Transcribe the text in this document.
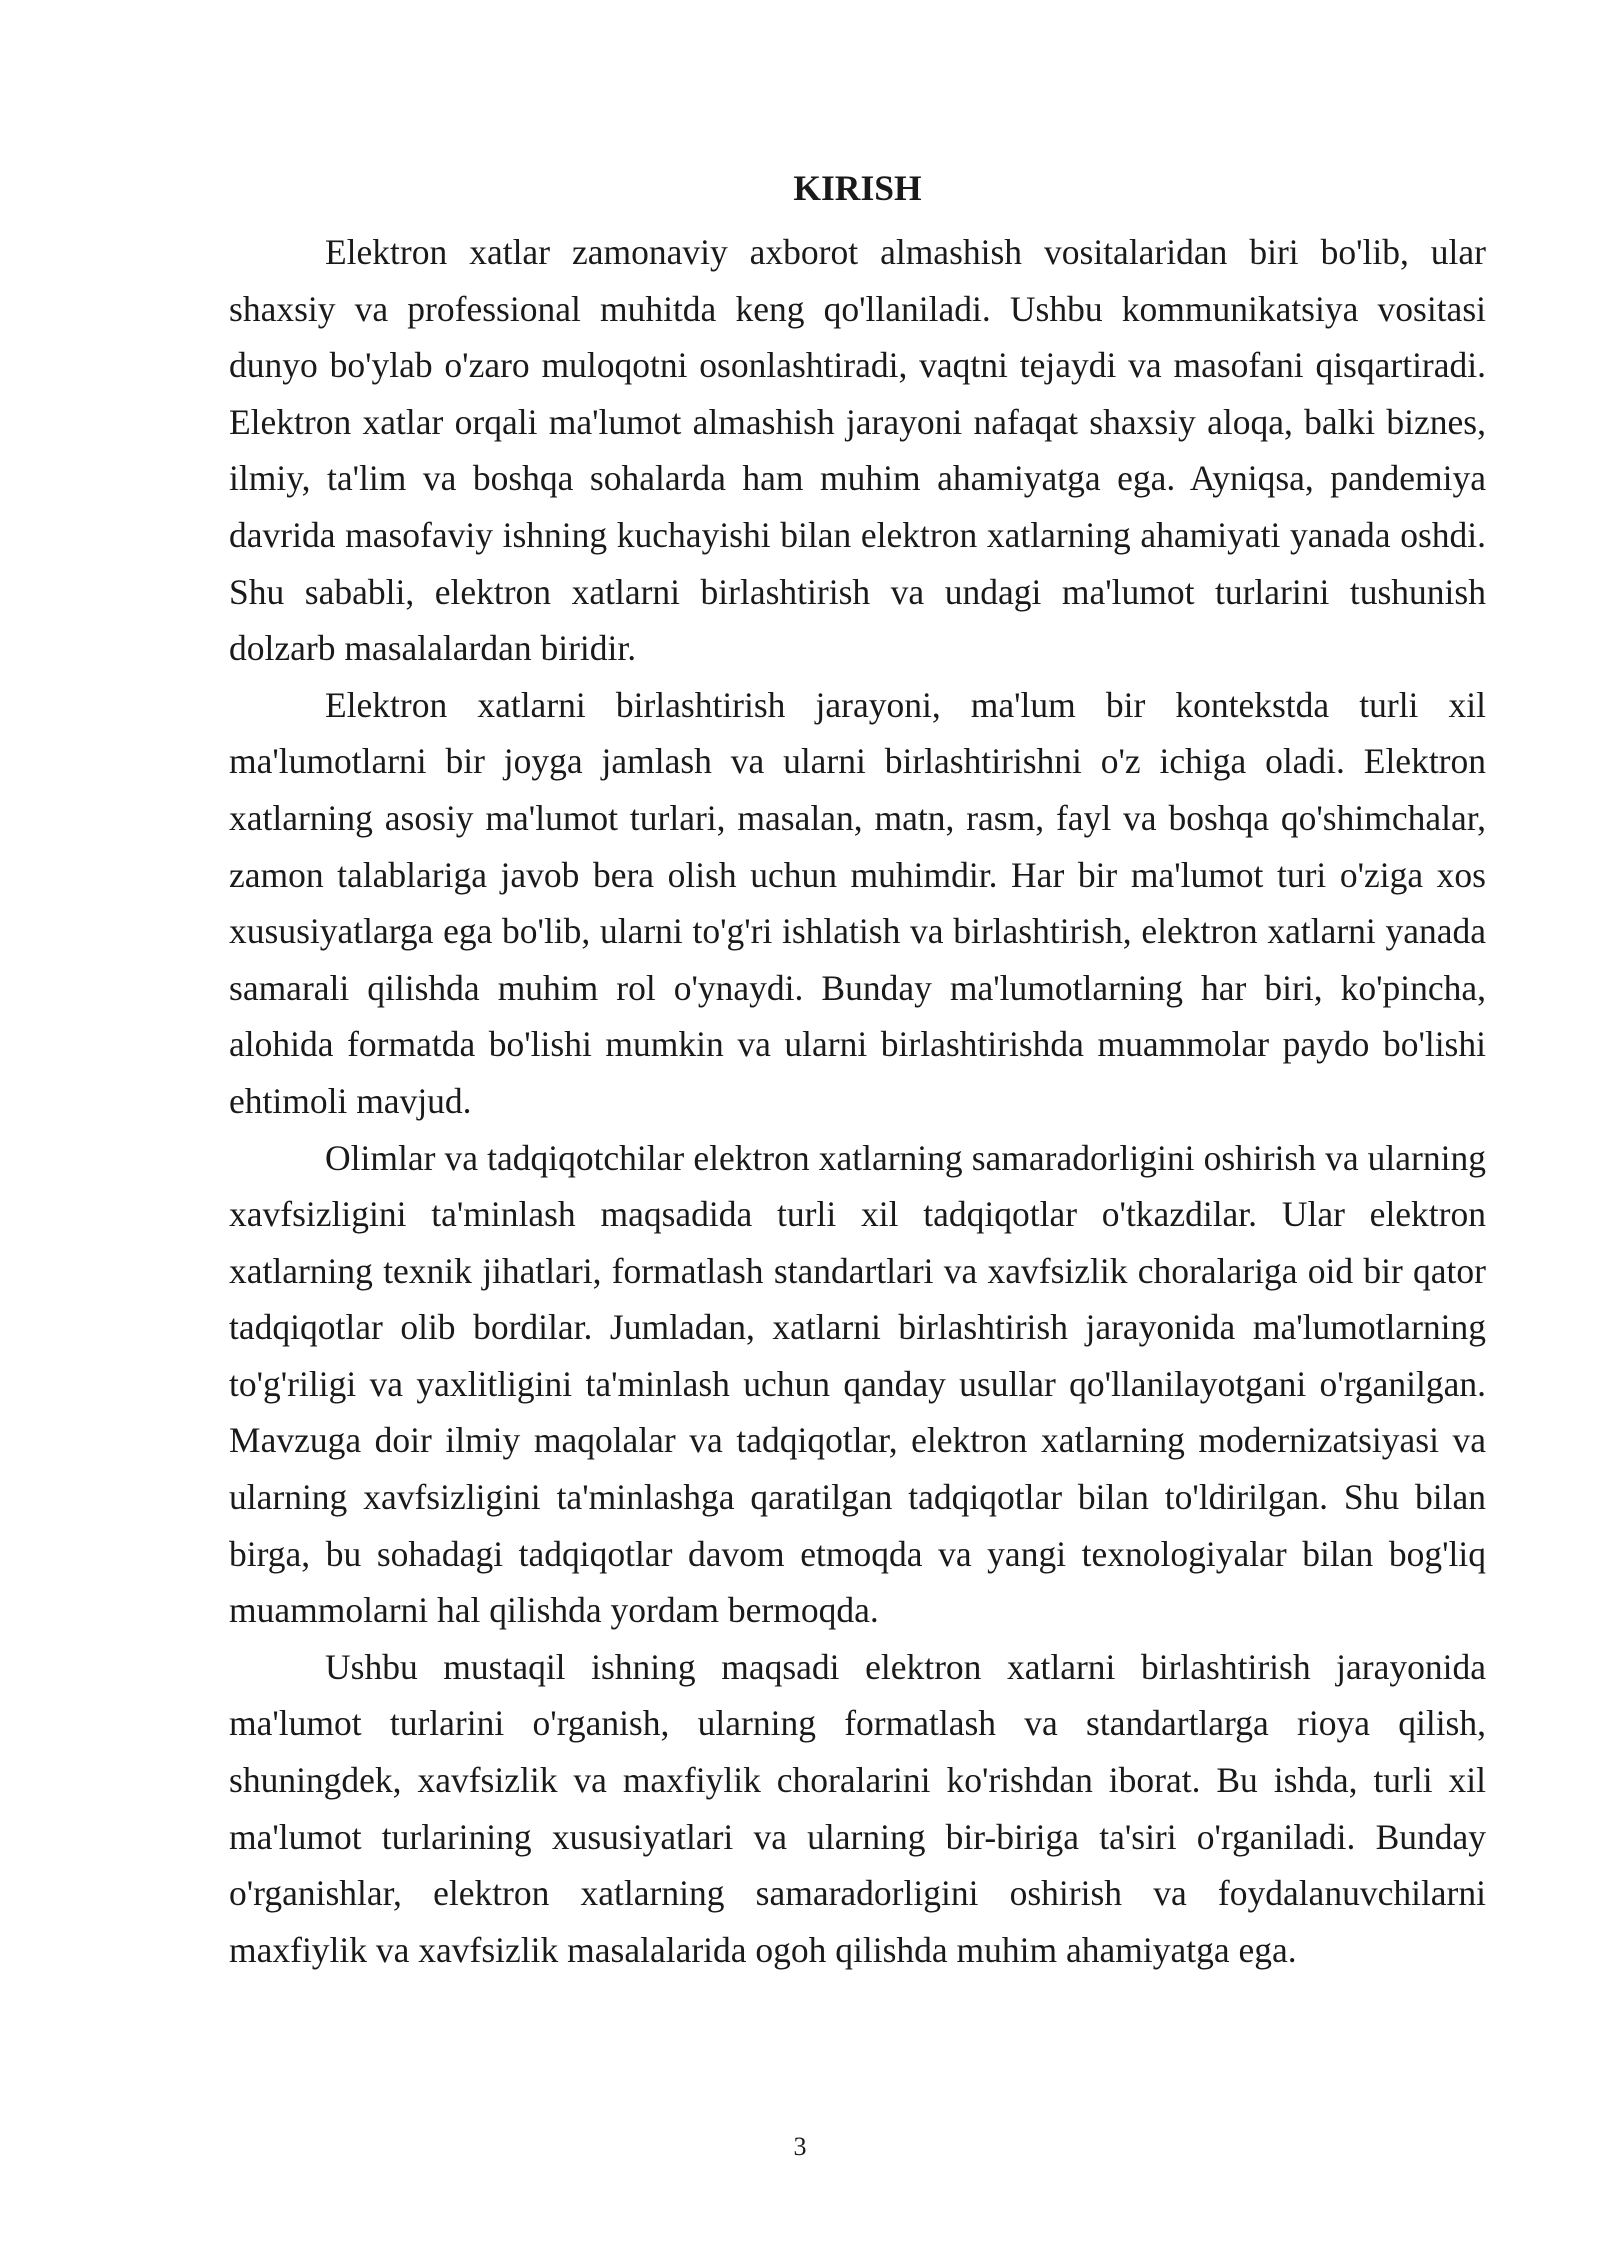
KIRISH

Elektron xatlar zamonaviy axborot almashish vositalaridan biri bo'lib, ular shaxsiy va professional muhitda keng qo'llaniladi. Ushbu kommunikatsiya vositasi dunyo bo'ylab o'zaro muloqotni osonlashtiradi, vaqtni tejaydi va masofani qisqartiradi. Elektron xatlar orqali ma'lumot almashish jarayoni nafaqat shaxsiy aloqa, balki biznes, ilmiy, ta'lim va boshqa sohalarda ham muhim ahamiyatga ega. Ayniqsa, pandemiya davrida masofaviy ishning kuchayishi bilan elektron xatlarning ahamiyati yanada oshdi. Shu sababli, elektron xatlarni birlashtirish va undagi ma'lumot turlarini tushunish dolzarb masalalardan biridir.

Elektron xatlarni birlashtirish jarayoni, ma'lum bir kontekstda turli xil ma'lumotlarni bir joyga jamlash va ularni birlashtirishni o'z ichiga oladi. Elektron xatlarning asosiy ma'lumot turlari, masalan, matn, rasm, fayl va boshqa qo'shimchalar, zamon talablariga javob bera olish uchun muhimdir. Har bir ma'lumot turi o'ziga xos xususiyatlarga ega bo'lib, ularni to'g'ri ishlatish va birlashtirish, elektron xatlarni yanada samarali qilishda muhim rol o'ynaydi. Bunday ma'lumotlarning har biri, ko'pincha, alohida formatda bo'lishi mumkin va ularni birlashtirishda muammolar paydo bo'lishi ehtimoli mavjud.

Olimlar va tadqiqotchilar elektron xatlarning samaradorligini oshirish va ularning xavfsizligini ta'minlash maqsadida turli xil tadqiqotlar o'tkazdilar. Ular elektron xatlarning texnik jihatlari, formatlash standartlari va xavfsizlik choralariga oid bir qator tadqiqotlar olib bordilar. Jumladan, xatlarni birlashtirish jarayonida ma'lumotlarning to'g'riligi va yaxlitligini ta'minlash uchun qanday usullar qo'llanilayotgani o'rganilgan. Mavzuga doir ilmiy maqolalar va tadqiqotlar, elektron xatlarning modernizatsiyasi va ularning xavfsizligini ta'minlashga qaratilgan tadqiqotlar bilan to'ldirilgan. Shu bilan birga, bu sohadagi tadqiqotlar davom etmoqda va yangi texnologiyalar bilan bog'liq muammolarni hal qilishda yordam bermoqda.

Ushbu mustaqil ishning maqsadi elektron xatlarni birlashtirish jarayonida ma'lumot turlarini o'rganish, ularning formatlash va standartlarga rioya qilish, shuningdek, xavfsizlik va maxfiylik choralarini ko'rishdan iborat. Bu ishda, turli xil ma'lumot turlarining xususiyatlari va ularning bir-biriga ta'siri o'rganiladi. Bunday o'rganishlar, elektron xatlarning samaradorligini oshirish va foydalanuvchilarni maxfiylik va xavfsizlik masalalarida ogoh qilishda muhim ahamiyatga ega.

3
